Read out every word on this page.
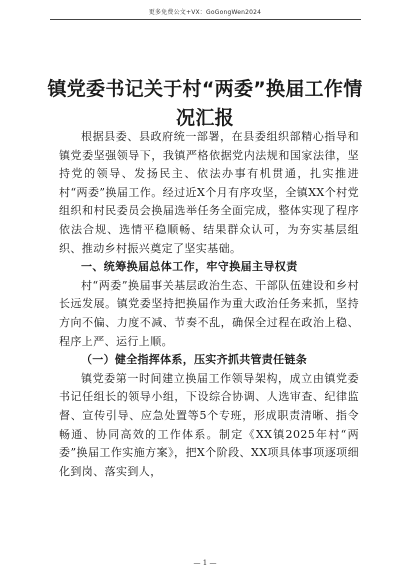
更多免费公文+VX：GoGongWen2024
镇党委书记关于村“两委”换届工作情况汇报

根据县委、县政府统一部署，在县委组织部精心指导和镇党委坚强领导下，我镇严格依据党内法规和国家法律，坚持党的领导、发扬民主、依法办事有机贯通，扎实推进村“两委”换届工作。经过近X个月有序攻坚，全镇XX个村党组织和村民委员会换届选举任务全面完成，整体实现了程序依法合规、选情平稳顺畅、结果群众认可，为夯实基层组织、推动乡村振兴奠定了坚实基础。

一、统筹换届总体工作，牢守换届主导权责

村“两委”换届事关基层政治生态、干部队伍建设和乡村长远发展。镇党委坚持把换届作为重大政治任务来抓，坚持方向不偏、力度不减、节奏不乱，确保全过程在政治上稳、程序上严、运行上顺。

（一）健全指挥体系，压实齐抓共管责任链条

镇党委第一时间建立换届工作领导架构，成立由镇党委书记任组长的领导小组，下设综合协调、人选审查、纪律监督、宣传引导、应急处置等5个专班，形成职责清晰、指令畅通、协同高效的工作体系。制定《XX镇2025年村“两委”换届工作实施方案》，把X个阶段、XX项具体事项逐项细化到岗、落实到人，

— 1 —
